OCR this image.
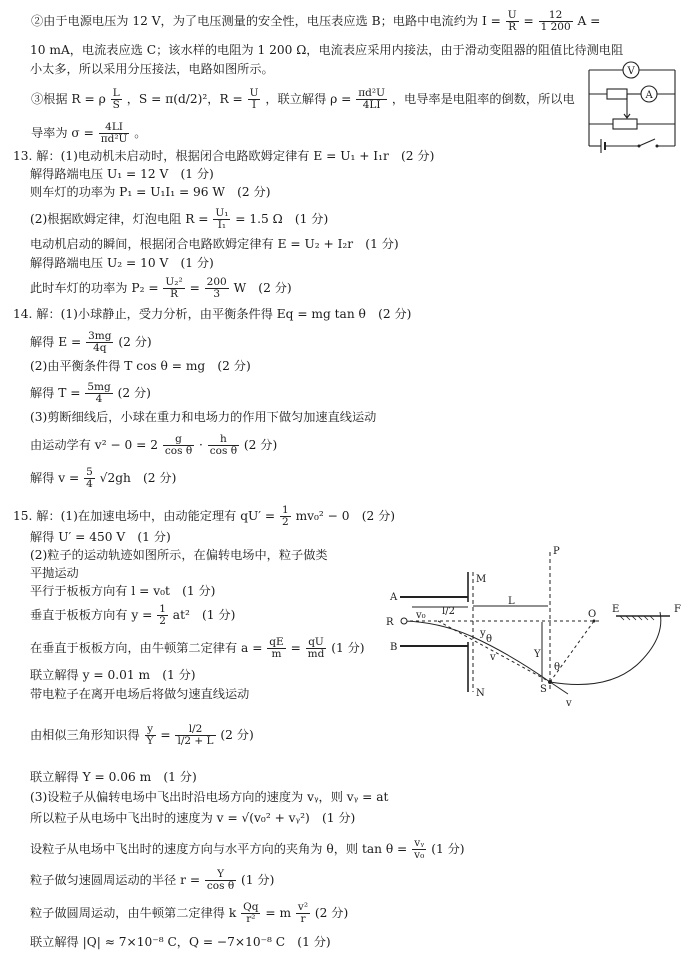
②由于电源电压为 12 V，为了电压测量的安全性，电压表应选 B；电路中电流约为 $I = \frac{U}{R} = \frac{12}{1 200}$ A =
10 mA，电流表应选 C；该水样的电阻为 1 200 Ω，电流表应采用内接法，由于滑动变阻器的阻值比待测电阻
小太多，所以采用分压接法，电路如图所示。
③根据 R = ρ $\frac{L}{S}$ ，S = π(d/2)²，$R = \frac{U}{I}$ ，联立解得 $\rho = \frac{\text{πd²U}}{4LI}$ ，电导率是电阻率的倒数，所以电
导率为 $\sigma = \frac{4LI}{\text{πd²U}}$ 。
V
A
13. 解：(1)电动机未启动时，根据闭合电路欧姆定律有 E = U₁ + I₁r　(2 分)
解得路端电压 U₁ = 12 V　(1 分)
则车灯的功率为 P₁ = U₁I₁ = 96 W　(2 分)
(2)根据欧姆定律，灯泡电阻 $R = \frac{\text{U₁}}{\text{I₁}} = 1.5$ Ω　(1 分)
电动机启动的瞬间，根据闭合电路欧姆定律有 E = U₂ + I₂r　(1 分)
解得路端电压 U₂ = 10 V　(1 分)
此时车灯的功率为 $P_2 = \frac{\text{U₂²}}{R} = \frac{200}{3}$ W　(2 分)
14. 解：(1)小球静止，受力分析，由平衡条件得 Eq = mg tan θ　(2 分)
解得 $E = \frac{3mg}{4q} (2$ 分)
(2)由平衡条件得 T cos θ = mg　(2 分)
解得 $T = \frac{5mg}{4} (2$ 分)
(3)剪断细线后，小球在重力和电场力的作用下做匀加速直线运动
由运动学有 $v^2 - 0 = 2 \frac{g}{\text{cos θ}} \cdot \frac{h}{\text{cos θ}} (2$ 分)
解得 $v = \frac{5}{4} √2gh$　(2 分)
15. 解：(1)在加速电场中，由动能定理有 $qU' = \frac{1}{2} mv_0^2 - 0$　(2 分)
解得 U′ = 450 V　(1 分)
(2)粒子的运动轨迹如图所示，在偏转电场中，粒子做类
平抛运动
平行于板板方向有 l = v₀t　(1 分)
垂直于板板方向有 $y = \frac{1}{2} at^2$　(1 分)
在垂直于板板方向，由牛顿第二定律有 $a = \frac{qE}{m} = \frac{qU}{md} (1$ 分)
联立解得 y = 0.01 m　(1 分)
带电粒子在离开电场后将做匀速直线运动
由相似三角形知识得 $\frac{y}{Y} = \frac{l/2}{l/2 + L} (2$ 分)
联立解得 Y = 0.06 m　(1 分)
(3)设粒子从偏转电场中飞出时沿电场方向的速度为 vᵧ，则 vᵧ = at
所以粒子从电场中飞出时的速度为 v = √(v₀² + vᵧ²)　(1 分)
设粒子从电场中飞出时的速度方向与水平方向的夹角为 θ，则 $\tan \theta = \frac{\text{vᵧ}}{\text{v₀}} (1$ 分)
粒子做匀速圆周运动的半径 $r = \frac{Y}{\text{cos θ}} (1$ 分)
粒子做圆周运动，由牛顿第二定律得 k $\frac{Qq}{\text{r²}} = m \frac{\text{v²}}{r} (2$ 分)
联立解得 |Q| ≈ 7×10⁻⁸ C，Q = −7×10⁻⁸ C　(1 分)
A
B
M
N
P
R
O E	F
S
v₀ l/2
L
y
Y
v
θ
θ
v
